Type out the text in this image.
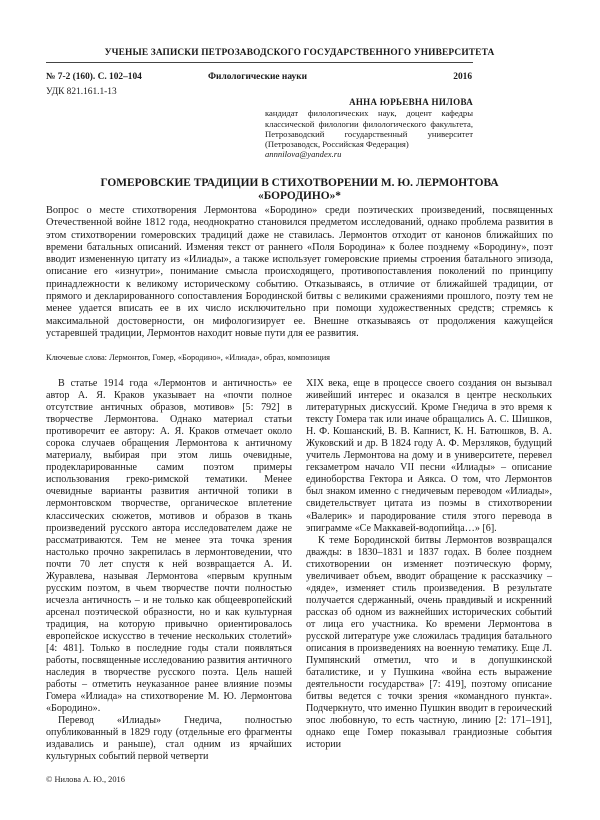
УЧЕНЫЕ ЗАПИСКИ ПЕТРОЗАВОДСКОГО ГОСУДАРСТВЕННОГО УНИВЕРСИТЕТА
№ 7-2 (160). С. 102–104	Филологические науки	2016
УДК 821.161.1-13
АННА ЮРЬЕВНА НИЛОВА
кандидат филологических наук, доцент кафедры классической филологии филологического факультета, Петрозаводский государственный университет (Петрозаводск, Российская Федерация)
annnilova@yandex.ru
ГОМЕРОВСКИЕ ТРАДИЦИИ В СТИХОТВОРЕНИИ М. Ю. ЛЕРМОНТОВА
«БОРОДИНО»*
Вопрос о месте стихотворения Лермонтова «Бородино» среди поэтических произведений, посвященных Отечественной войне 1812 года, неоднократно становился предметом исследований, однако проблема развития в этом стихотворении гомеровских традиций даже не ставилась. Лермонтов отходит от канонов ближайших по времени батальных описаний. Изменяя текст от раннего «Поля Бородина» к более позднему «Бородину», поэт вводит измененную цитату из «Илиады», а также использует гомеровские приемы строения батального эпизода, описание его «изнутри», понимание смысла происходящего, противопоставления поколений по принципу принадлежности к великому историческому событию. Отказываясь, в отличие от ближайшей традиции, от прямого и декларированного сопоставления Бородинской битвы с великими сражениями прошлого, поэту тем не менее удается вписать ее в их число исключительно при помощи художественных средств; стремясь к максимальной достоверности, он мифологизирует ее. Внешне отказываясь от продолжения кажущейся устаревшей традиции, Лермонтов находит новые пути для ее развития.
Ключевые слова: Лермонтов, Гомер, «Бородино», «Илиада», образ, композиция

В статье 1914 года «Лермонтов и античность» ее автор А. Я. Краков указывает на «почти полное отсутствие античных образов, мотивов» [5: 792] в творчестве Лермонтова. Однако материал статьи противоречит ее автору: А. Я. Краков отмечает около сорока случаев обращения Лермонтова к античному материалу, выбирая при этом лишь очевидные, продекларированные самим поэтом примеры использования греко-римской тематики. Менее очевидные варианты развития античной топики в лермонтовском творчестве, органическое вплетение классических сюжетов, мотивов и образов в ткань произведений русского автора исследователем даже не рассматриваются. Тем не менее эта точка зрения настолько прочно закрепилась в лермонтоведении, что почти 70 лет спустя к ней возвращается А. И. Журавлева, называя Лермонтова «первым крупным русским поэтом, в чьем творчестве почти полностью исчезла античность – и не только как общеевропейский арсенал поэтической образности, но и как культурная традиция, на которую привычно ориентировалось европейское искусство в течение нескольких столетий» [4: 481]. Только в последние годы стали появляться работы, посвященные исследованию развития античного наследия в творчестве русского поэта. Цель нашей работы – отметить неуказанное ранее влияние поэмы Гомера «Илиада» на стихотворение М. Ю. Лермонтова «Бородино».

Перевод «Илиады» Гнедича, полностью опубликованный в 1829 году (отдельные его фрагменты издавались и раньше), стал одним из ярчайших культурных событий первой четверти

XIX века, еще в процессе своего создания он вызывал живейший интерес и оказался в центре нескольких литературных дискуссий. Кроме Гнедича в это время к тексту Гомера так или иначе обращались А. С. Шишков, Н. Ф. Кошанский, В. В. Капнист, К. Н. Батюшков, В. А. Жуковский и др. В 1824 году А. Ф. Мерзляков, будущий учитель Лермонтова на дому и в университете, перевел гекзаметром начало VII песни «Илиады» – описание единоборства Гектора и Аякса. О том, что Лермонтов был знаком именно с гнедичевым переводом «Илиады», свидетельствует цитата из поэмы в стихотворении «Валерик» и пародирование стиля этого перевода в эпиграмме «Се Маккавей-водопийца…» [6].

К теме Бородинской битвы Лермонтов возвращался дважды: в 1830–1831 и 1837 годах. В более позднем стихотворении он изменяет поэтическую форму, увеличивает объем, вводит обращение к рассказчику – «дяде», изменяет стиль произведения. В результате получается сдержанный, очень правдивый и искренний рассказ об одном из важнейших исторических событий от лица его участника. Ко времени Лермонтова в русской литературе уже сложилась традиция батального описания в произведениях на военную тематику. Еще Л. Пумпянский отметил, что и в допушкинской баталистике, и у Пушкина «война есть выражение деятельности государства» [7: 419], поэтому описание битвы ведется с точки зрения «командного пункта». Подчеркнуто, что именно Пушкин вводит в героический эпос любовную, то есть частную, линию [2: 171–191], однако еще Гомер показывал грандиозные события истории

© Нилова А. Ю., 2016
